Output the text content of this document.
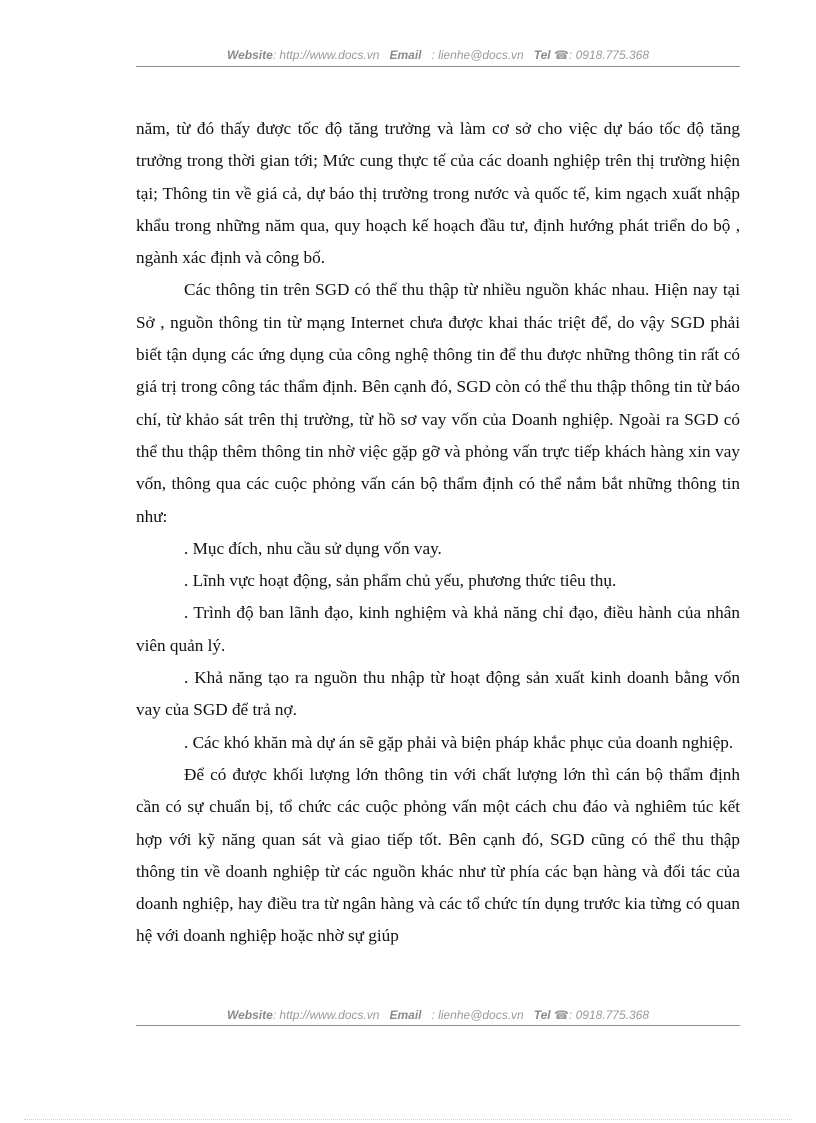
Website: http://www.docs.vn Email : lienhe@docs.vn Tel ☎: 0918.775.368

năm, từ đó thấy được tốc độ tăng trưởng và làm cơ sở cho việc dự báo tốc độ tăng trưởng trong thời gian tới; Mức cung thực tế của các doanh nghiệp trên thị trường hiện tại; Thông tin về giá cả, dự báo thị trường trong nước và quốc tế, kim ngạch xuất nhập khẩu trong những năm qua, quy hoạch kế hoạch đầu tư, định hướng phát triển do bộ , ngành xác định và công bố.

Các thông tin trên SGD có thể thu thập từ nhiều nguồn khác nhau. Hiện nay tại Sở , nguồn thông tin từ mạng Internet chưa được khai thác triệt để, do vậy SGD phải biết tận dụng các ứng dụng của công nghệ thông tin để thu được những thông tin rất có giá trị trong công tác thẩm định. Bên cạnh đó, SGD còn có thể thu thập thông tin từ báo chí, từ khảo sát trên thị trường, từ hồ sơ vay vốn của Doanh nghiệp. Ngoài ra SGD có thể thu thập thêm thông tin nhờ việc gặp gỡ và phỏng vấn trực tiếp khách hàng xin vay vốn, thông qua các cuộc phỏng vấn cán bộ thẩm định có thể nắm bắt những thông tin như:

. Mục đích, nhu cầu sử dụng vốn vay.

. Lĩnh vực hoạt động, sản phẩm chủ yếu, phương thức tiêu thụ.

. Trình độ ban lãnh đạo, kinh nghiệm và khả năng chỉ đạo, điều hành của nhân viên quản lý.

. Khả năng tạo ra nguồn thu nhập từ hoạt động sản xuất kinh doanh bằng vốn vay của SGD để trả nợ.

. Các khó khăn mà dự án sẽ gặp phải và biện pháp khắc phục của doanh nghiệp.

Để có được khối lượng lớn thông tin với chất lượng lớn thì cán bộ thẩm định cần có sự chuẩn bị, tổ chức các cuộc phỏng vấn một cách chu đáo và nghiêm túc kết hợp với kỹ năng quan sát và giao tiếp tốt. Bên cạnh đó, SGD cũng có thể thu thập thông tin về doanh nghiệp từ các nguồn khác như từ phía các bạn hàng và đối tác của doanh nghiệp, hay điều tra từ ngân hàng và các tổ chức tín dụng trước kia từng có quan hệ với doanh nghiệp hoặc nhờ sự giúp

Website: http://www.docs.vn Email : lienhe@docs.vn Tel ☎: 0918.775.368
